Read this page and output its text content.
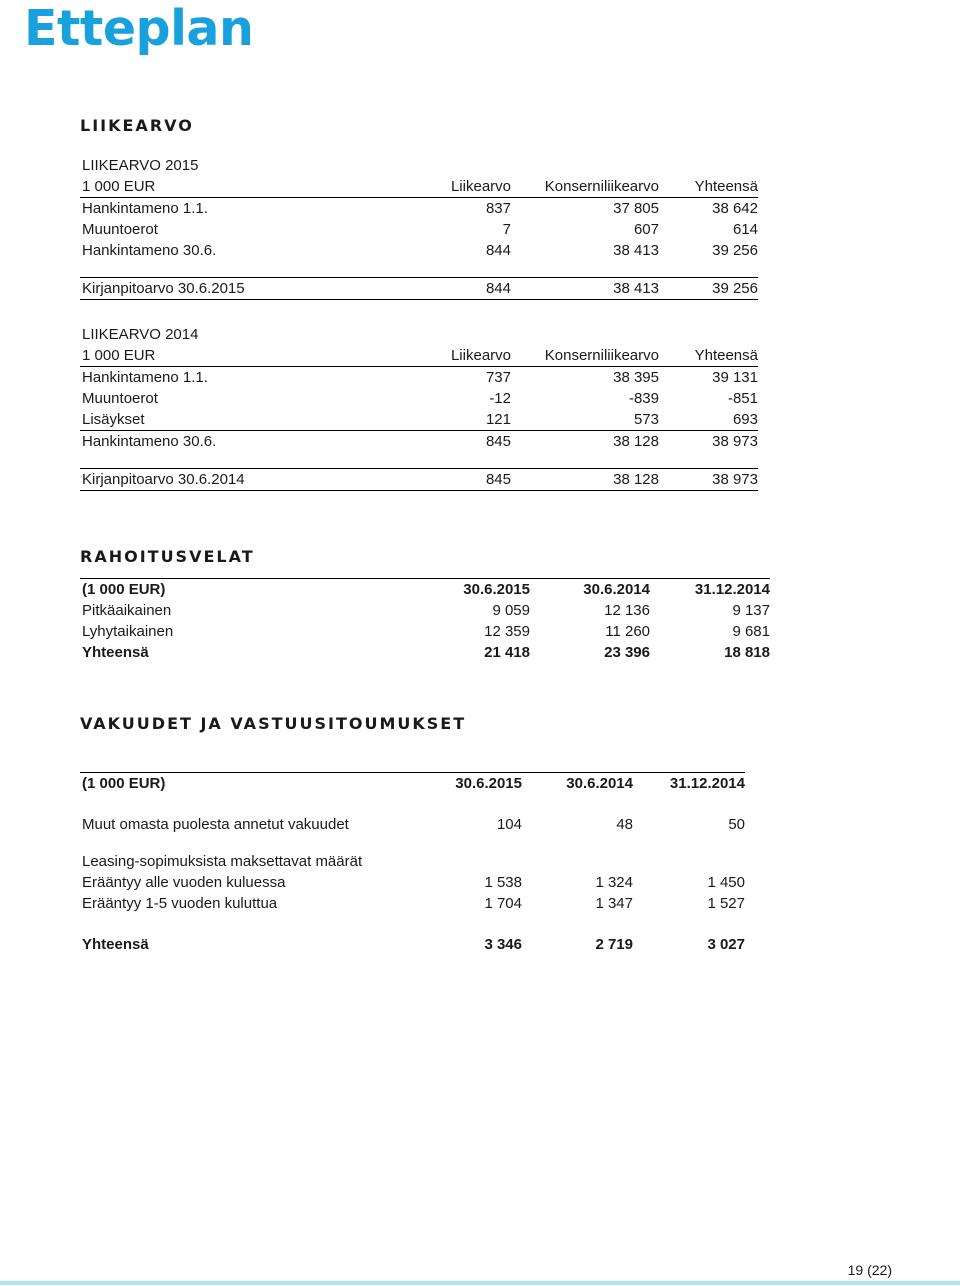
Etteplan
LIIKEARVO
LIIKEARVO 2015			
1 000 EUR	Liikearvo	Konserniliikearvo	Yhteensä
Hankintameno 1.1.	837	37 805	38 642
Muuntoerot	7	607	614
Hankintameno 30.6.	844	38 413	39 256

Kirjanpitoarvo 30.6.2015	844	38 413	39 256
LIIKEARVO 2014			
1 000 EUR	Liikearvo	Konserniliikearvo	Yhteensä
Hankintameno 1.1.	737	38 395	39 131
Muuntoerot	-12	-839	-851
Lisäykset	121	573	693
Hankintameno 30.6.	845	38 128	38 973

Kirjanpitoarvo 30.6.2014	845	38 128	38 973
RAHOITUSVELAT
(1 000 EUR)	30.6.2015	30.6.2014	31.12.2014
Pitkäaikainen	9 059	12 136	9 137
Lyhytaikainen	12 359	11 260	9 681
Yhteensä	21 418	23 396	18 818
VAKUUDET JA VASTUUSITOUMUKSET
(1 000 EUR)	30.6.2015	30.6.2014	31.12.2014

Muut omasta puolesta annetut vakuudet	104	48	50

Leasing-sopimuksista maksettavat määrät			
Erääntyy alle vuoden kuluessa	1 538	1 324	1 450
Erääntyy 1-5 vuoden kuluttua	1 704	1 347	1 527

Yhteensä	3 346	2 719	3 027
19 (22)
